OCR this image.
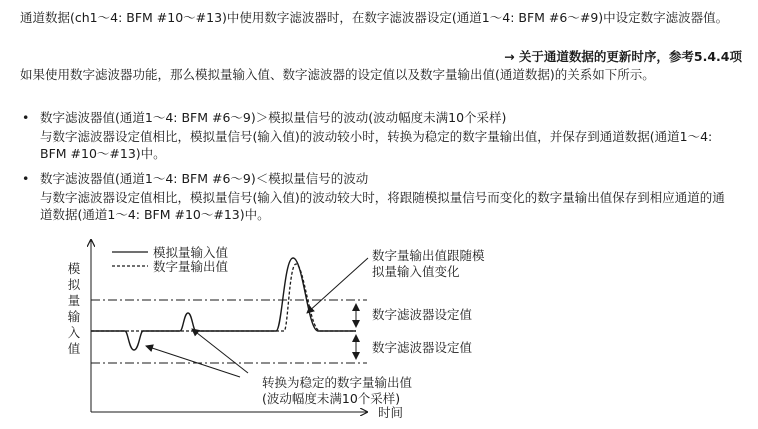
通道数据(ch1～4: BFM #10～#13)中使用数字滤波器时，在数字滤波器设定(通道1～4: BFM #6～#9)中设定数字滤波器值。

→ 关于通道数据的更新时序，参考5.4.4项

如果使用数字滤波器功能，那么模拟量输入值、数字滤波器的设定值以及数字量输出值(通道数据)的关系如下所示。

• 数字滤波器值(通道1～4: BFM #6～9)＞模拟量信号的波动(波动幅度未满10个采样)
与数字滤波器设定值相比，模拟量信号(输入值)的波动较小时，转换为稳定的数字量输出值，并保存到通道数据(通道1～4: BFM #10～#13)中。
• 数字滤波器值(通道1～4: BFM #6～9)＜模拟量信号的波动
与数字滤波器设定值相比，模拟量信号(输入值)的波动较大时，将跟随模拟量信号而变化的数字量输出值保存到相应通道的通道数据(通道1～4: BFM #10～#13)中。
模
拟
量
输
入
值
时间
模拟量输入值
数字量输出值
数字量输出值跟随模
拟量输入值变化
数字滤波器设定值
数字滤波器设定值
转换为稳定的数字量输出值
(波动幅度未满10个采样)
